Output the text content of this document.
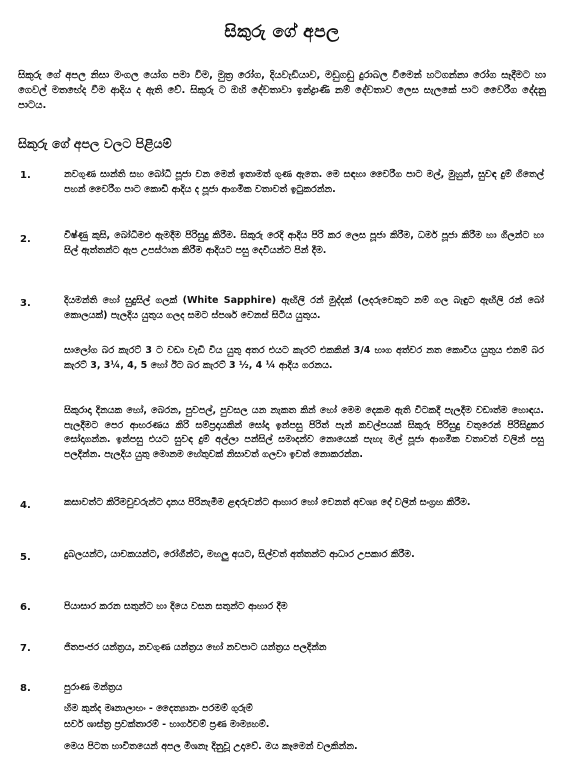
සිකුරු ගේ අපල
සිකුරු ගේ අපල නිසා මංගල යෝග පමා වීම, මුත්‍ර රෝග, දියවැඩියාව, මඩුගඩු දුරාබල වීමෙන් හටගන්නා රෝග සෑදීමට හා ගෙවල් මතභේද වීම ආදිය ද ඇති වේ. සිකුරු ට ඔහි දේවතාවා ඉන්ද්‍රාණි නම් දේවතාව ලෙස සැලකේ පාට වෛරීග දේදනු පාටය.
සිකුරු ගේ අපල වලට පිළියම්
1.	නවගුණ සාන්ති සහ බෝධි පූජා වන මෙන් ඉතාමත් ගුණ ඇතෙ. මෙ සඳහා වෛරීග පාට මල්, මුහුන්, සුවඳ දුම් ගිතෙල් පහන් වෛරීග පාට කොඩි ආදිය ද පූජා ආගමික වතාවත් ඉටුකරන්න.
2.	විෂ්ණු කුසි, බෝධිමළු ඇමදීම පිරිසුදු කිරීම. සිකුරු රෙදි ආදිය පිරි කර ලෙස පූජා කිරීම, ධර්ම පූජා කිරීම හා ගිලන්ට හා සිල් ඇත්තන්ට ඇප උපස්ථාන කිරීම ආදියට පසු දෙවියන්ට පින් දීම.
3.	දියමන්ති හෝ සුදුසිල් ගලක් (White Sapphire) ඇඟිලි රන් මුද්දක් (ලදරුවෙකුට නම් ගල බැඳුට ඇඟිලි රන් බෝ කොලයක්) පැලදිය යුතුය ගලද සමට ස්පර්ශ වෙනස් සිටිය යුතුය.
සාලෝග බර කැරට් 3 ට වඩා වැඩි විය යුතු අතර එයට කැරට් එකකින් 3/4 භාග අත්වර නත කොවිය යුතුය එනම් බර කැරට් 3, 3¼, 4, 5 හෝ ඊට බර කැරට් 3 ½, 4 ¼ ආදිය ගරනය.
සිකුරාදා දිනයක හෝ, බෙරන, පුවපල්, පුවසල යන නැකත කින් හෝ මෙම දෙකම ඇති විටකදී පැලදීම වඩාත්ම හොඳය. පැලදීමට පෙර ආභරණය කිරි සම්ප්‍රදායකින් සෝදා ඉන්පසු පිරිත් පැන් කවල්පයක් සිකුරු පිරිසුදු වතුරෙන් පිරිසිදුකර සෝදාගන්න. ඉන්පසු එයට සුවඳ දුම් අල්ලා පන්සිල් සමාදන්ව නොයෙක් පැහැ මල් පූජා ආගමික වතාවත් වලින් පසු පලදින්න. පැලදිය යුතු මොනම හේතුවක් නිසාවත් ගලවා ඉවත් නොකරන්න.
4.	කසාවත්ට කිරිමවුවරුන්ට දානය පිරිනැමීම ළඳරුවන්ට ආහාර හෝ වෙනත් අවශ්‍ය දේ වලින් සංග්‍රහ කිරීම.
5.	දුබලයන්ට, යාචකයන්ට, රෝගීන්ට, මහලු අයට, සිල්වත් අත්තන්ට ආධාර උපකාර කිරීම.
6.	පියාසාර කරන සතුන්ට හා දියෙ වසන සතුන්ට ආහාර දීම
7.	ජිතපංජර යන්ත්‍රය, නවගුණ යන්ත්‍රය හෝ නවපාට යන්ත්‍රය පලදින්න
8.	පුරාණ මන්ත්‍රය
හිම කුන්ද මෘනාලාභං - දෛත්‍යානං පරමම් ගුරුම්
සර්ව ශාස්ත්‍ර ප්‍රවක්තාරම් - භාර්ගවම් ප්‍රණ මාම්‍යහම්.
මෙය පිටත භාවිතයෙන් අපල මිශනෑ දිනුවූ උදාවේ. මය කෑමෙන් වලකින්න.
